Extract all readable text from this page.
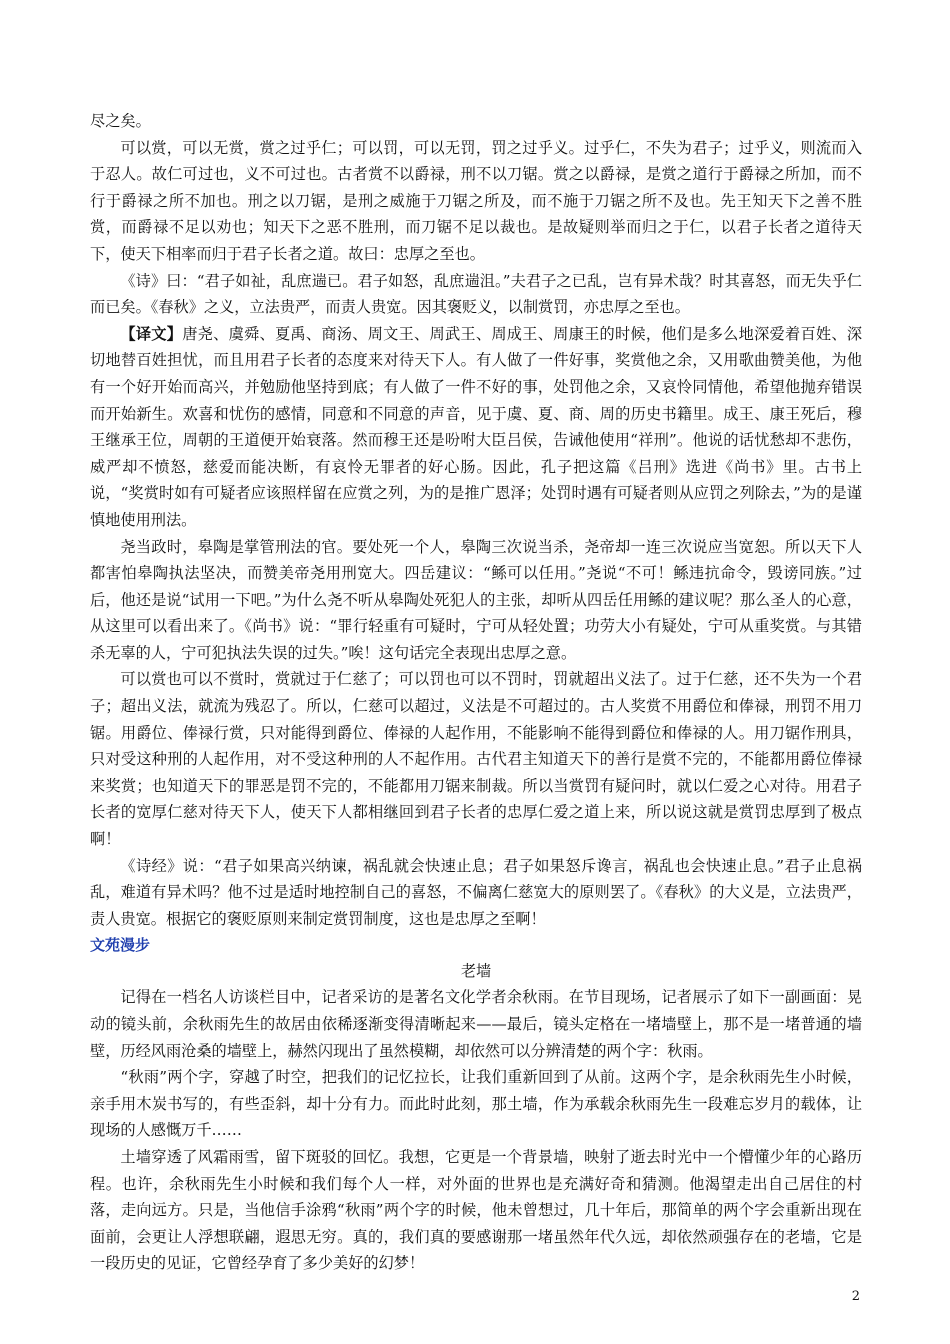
尽之矣。

可以赏，可以无赏，赏之过乎仁；可以罚，可以无罚，罚之过乎义。过乎仁，不失为君子；过乎义，则流而入于忍人。故仁可过也，义不可过也。古者赏不以爵禄，刑不以刀锯。赏之以爵禄，是赏之道行于爵禄之所加，而不行于爵禄之所不加也。刑之以刀锯，是刑之威施于刀锯之所及，而不施于刀锯之所不及也。先王知天下之善不胜赏，而爵禄不足以劝也；知天下之恶不胜刑，而刀锯不足以裁也。是故疑则举而归之于仁，以君子长者之道待天下，使天下相率而归于君子长者之道。故曰：忠厚之至也。

《诗》曰：“君子如祉，乱庶遄已。君子如怒，乱庶遄沮。”夫君子之已乱，岂有异术哉？时其喜怒，而无失乎仁而已矣。《春秋》之义，立法贵严，而责人贵宽。因其褒贬义，以制赏罚，亦忠厚之至也。

【译文】唐尧、虞舜、夏禹、商汤、周文王、周武王、周成王、周康王的时候，他们是多么地深爱着百姓、深切地替百姓担忧，而且用君子长者的态度来对待天下人。有人做了一件好事，奖赏他之余，又用歌曲赞美他，为他有一个好开始而高兴，并勉励他坚持到底；有人做了一件不好的事，处罚他之余，又哀怜同情他，希望他抛弃错误而开始新生。欢喜和忧伤的感情，同意和不同意的声音，见于虞、夏、商、周的历史书籍里。成王、康王死后，穆王继承王位，周朝的王道便开始衰落。然而穆王还是吩咐大臣吕侯，告诫他使用“祥刑”。他说的话忧愁却不悲伤，威严却不愤怒，慈爱而能决断，有哀怜无罪者的好心肠。因此，孔子把这篇《吕刑》选进《尚书》里。古书上说，“奖赏时如有可疑者应该照样留在应赏之列，为的是推广恩泽；处罚时遇有可疑者则从应罚之列除去，”为的是谨慎地使用刑法。

尧当政时，皋陶是掌管刑法的官。要处死一个人，皋陶三次说当杀，尧帝却一连三次说应当宽恕。所以天下人都害怕皋陶执法坚决，而赞美帝尧用刑宽大。四岳建议：“鲧可以任用。”尧说“不可！鲧违抗命令，毁谤同族。”过后，他还是说“试用一下吧。”为什么尧不听从皋陶处死犯人的主张，却听从四岳任用鲧的建议呢？那么圣人的心意，从这里可以看出来了。《尚书》说：“罪行轻重有可疑时，宁可从轻处置；功劳大小有疑处，宁可从重奖赏。与其错杀无辜的人，宁可犯执法失误的过失。”唉！这句话完全表现出忠厚之意。

可以赏也可以不赏时，赏就过于仁慈了；可以罚也可以不罚时，罚就超出义法了。过于仁慈，还不失为一个君子；超出义法，就流为残忍了。所以，仁慈可以超过，义法是不可超过的。古人奖赏不用爵位和俸禄，刑罚不用刀锯。用爵位、俸禄行赏，只对能得到爵位、俸禄的人起作用，不能影响不能得到爵位和俸禄的人。用刀锯作刑具，只对受这种刑的人起作用，对不受这种刑的人不起作用。古代君主知道天下的善行是赏不完的，不能都用爵位俸禄来奖赏；也知道天下的罪恶是罚不完的，不能都用刀锯来制裁。所以当赏罚有疑问时，就以仁爱之心对待。用君子长者的宽厚仁慈对待天下人，使天下人都相继回到君子长者的忠厚仁爱之道上来，所以说这就是赏罚忠厚到了极点啊！

《诗经》说：“君子如果高兴纳谏，祸乱就会快速止息；君子如果怒斥谗言，祸乱也会快速止息。”君子止息祸乱，难道有异术吗？他不过是适时地控制自己的喜怒，不偏离仁慈宽大的原则罢了。《春秋》的大义是，立法贵严，责人贵宽。根据它的褒贬原则来制定赏罚制度，这也是忠厚之至啊！

文苑漫步
老墙

记得在一档名人访谈栏目中，记者采访的是著名文化学者余秋雨。在节目现场，记者展示了如下一副画面：晃动的镜头前，余秋雨先生的故居由依稀逐渐变得清晰起来——最后，镜头定格在一堵墙壁上，那不是一堵普通的墙壁，历经风雨沧桑的墙壁上，赫然闪现出了虽然模糊，却依然可以分辨清楚的两个字：秋雨。

“秋雨”两个字，穿越了时空，把我们的记忆拉长，让我们重新回到了从前。这两个字，是余秋雨先生小时候，亲手用木炭书写的，有些歪斜，却十分有力。而此时此刻，那土墙，作为承载余秋雨先生一段难忘岁月的载体，让现场的人感慨万千……

土墙穿透了风霜雨雪，留下斑驳的回忆。我想，它更是一个背景墙，映射了逝去时光中一个懵懂少年的心路历程。也许，余秋雨先生小时候和我们每个人一样，对外面的世界也是充满好奇和猜测。他渴望走出自己居住的村落，走向远方。只是，当他信手涂鸦“秋雨”两个字的时候，他未曾想过，几十年后，那简单的两个字会重新出现在面前，会更让人浮想联翩，遐思无穷。真的，我们真的要感谢那一堵虽然年代久远，却依然顽强存在的老墙，它是一段历史的见证，它曾经孕育了多少美好的幻梦！

2
